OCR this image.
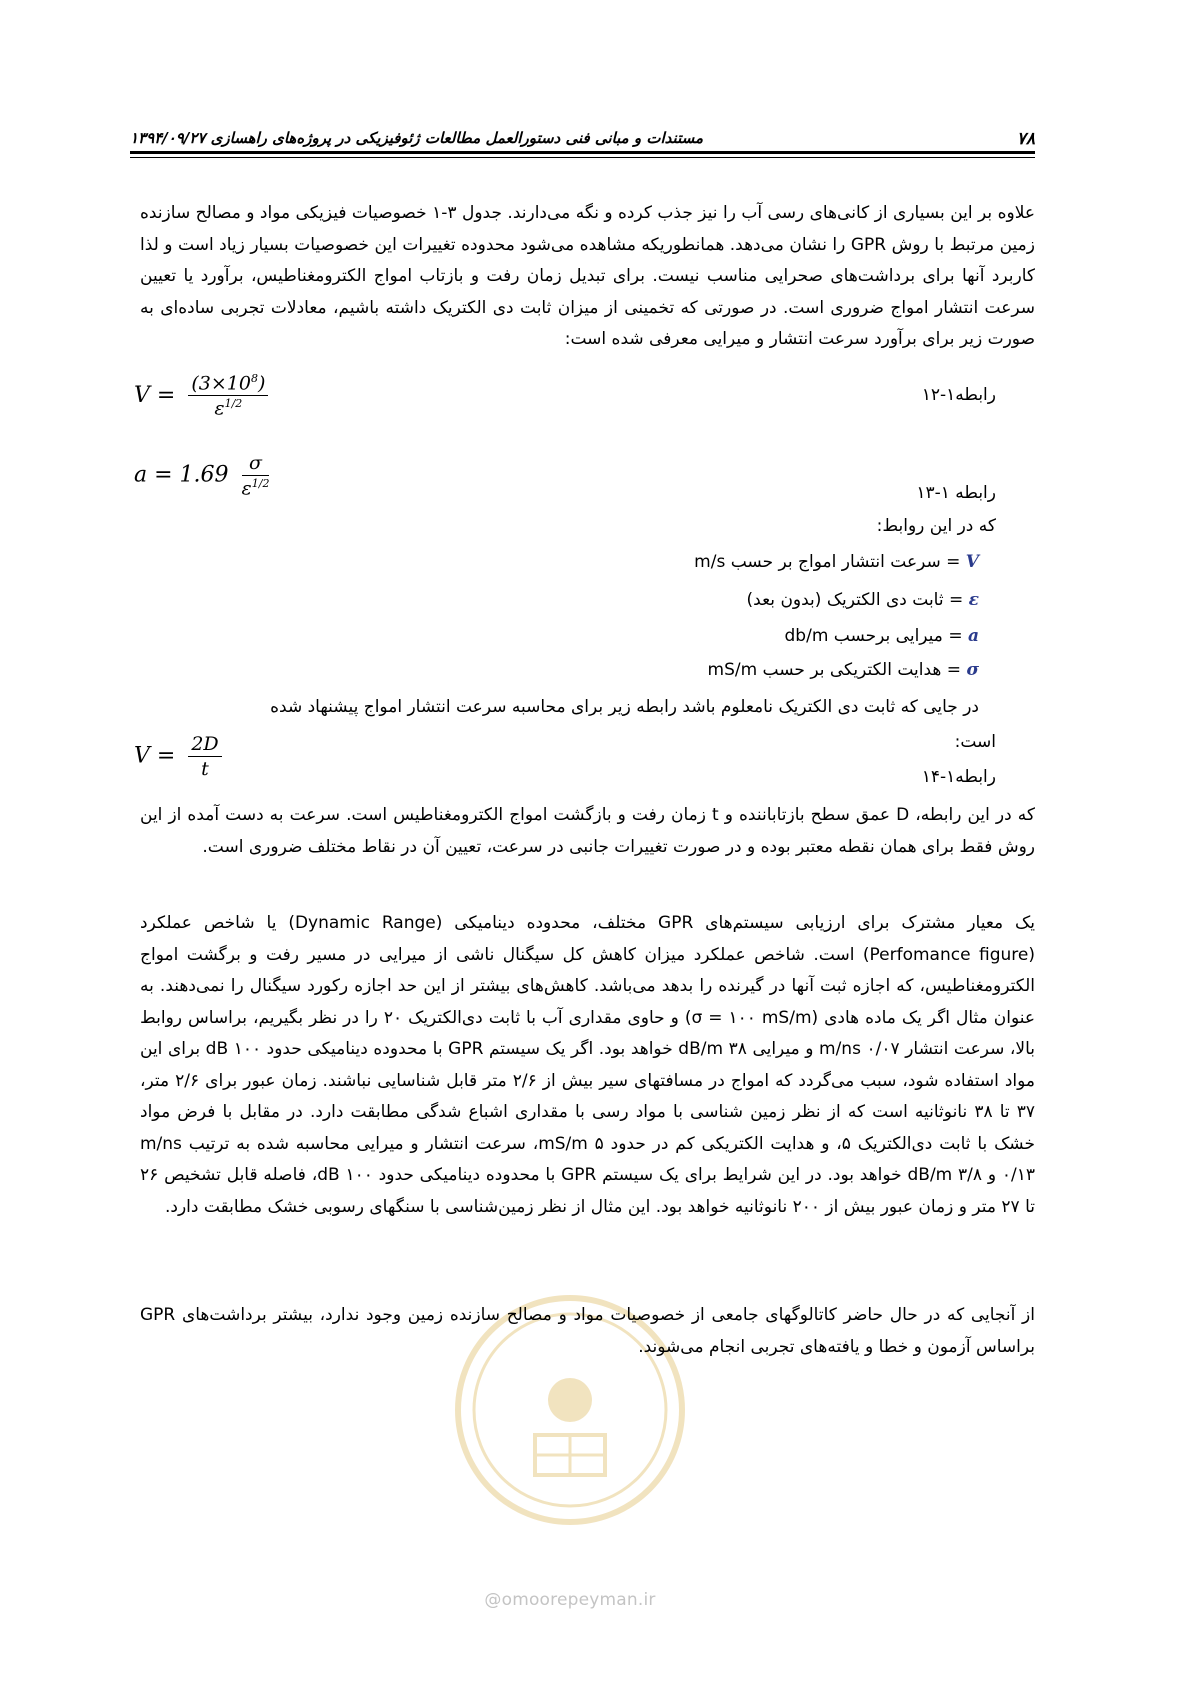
۷۸
مستندات و مبانی فنی دستورالعمل مطالعات ژئوفیزیکی در پروژه‌های راهسازی ۱۳۹۴/۰۹/۲۷
علاوه بر این بسیاری از کانی‌های رسی آب را نیز جذب کرده و نگه می‌دارند. جدول ۳-۱ خصوصیات فیزیکی مواد و مصالح سازنده زمین مرتبط با روش GPR را نشان می‌دهد. همانطوریکه مشاهده می‌شود محدوده تغییرات این خصوصیات بسیار زیاد است و لذا کاربرد آنها برای برداشت‌های صحرایی مناسب نیست. برای تبدیل زمان رفت و بازتاب امواج الکترومغناطیس، برآورد یا تعیین سرعت انتشار امواج ضروری است. در صورتی که تخمینی از میزان ثابت دی الکتریک داشته باشیم، معادلات تجربی ساده‌ای به صورت زیر برای برآورد سرعت انتشار و میرایی معرفی شده است:
رابطه۱-۱۲
$V = \frac{(3\times 10^8)}{\varepsilon^{1/2}}$
$a = 1.69 \frac{\sigma}{\varepsilon^{1/2}}$	رابطه ۱-۱۳
که در این روابط:
V = سرعت انتشار امواج بر حسب m/s
ε = ثابت دی الکتریک (بدون بعد)
a = میرایی برحسب db/m
σ = هدایت الکتریکی بر حسب mS/m
در جایی که ثابت دی الکتریک نامعلوم باشد رابطه زیر برای محاسبه سرعت انتشار امواج پیشنهاد شده
است:
$V = \frac{2D}{t}$	رابطه۱-۱۴
که در این رابطه، D عمق سطح بازتاباننده و t زمان رفت و بازگشت امواج الکترومغناطیس است. سرعت به دست آمده از این روش فقط برای همان نقطه معتبر بوده و در صورت تغییرات جانبی در سرعت، تعیین آن در نقاط مختلف ضروری است.
یک معیار مشترک برای ارزیابی سیستم‌های GPR مختلف، محدوده دینامیکی (Dynamic Range) یا شاخص عملکرد (Perfomance figure) است. شاخص عملکرد میزان کاهش کل سیگنال ناشی از میرایی در مسیر رفت و برگشت امواج الکترومغناطیس، که اجازه ثبت آنها در گیرنده را بدهد می‌باشد. کاهش‌های بیشتر از این حد اجازه رکورد سیگنال را نمی‌دهند. به عنوان مثال اگر یک ماده هادی (σ = ۱۰۰ mS/m) و حاوی مقداری آب با ثابت دی‌الکتریک ۲۰ را در نظر بگیریم، براساس روابط بالا، سرعت انتشار m/ns ۰/۰۷ و میرایی dB/m ۳۸ خواهد بود. اگر یک سیستم GPR با محدوده دینامیکی حدود dB ۱۰۰ برای این مواد استفاده شود، سبب می‌گردد که امواج در مسافتهای سیر بیش از ۲/۶ متر قابل شناسایی نباشند. زمان عبور برای ۲/۶ متر، ۳۷ تا ۳۸ نانوثانیه است که از نظر زمین شناسی با مواد رسی با مقداری اشباع شدگی مطابقت دارد. در مقابل با فرض مواد خشک با ثابت دی‌الکتریک ۵، و هدایت الکتریکی کم در حدود mS/m ۵، سرعت انتشار و میرایی محاسبه شده به ترتیب m/ns ۰/۱۳ و dB/m ۳/۸ خواهد بود. در این شرایط برای یک سیستم GPR با محدوده دینامیکی حدود dB ۱۰۰، فاصله قابل تشخیص ۲۶ تا ۲۷ متر و زمان عبور بیش از ۲۰۰ نانوثانیه خواهد بود. این مثال از نظر زمین‌شناسی با سنگهای رسوبی خشک مطابقت دارد.
از آنجایی که در حال حاضر کاتالوگهای جامعی از خصوصیات مواد و مصالح سازنده زمین وجود ندارد، بیشتر برداشت‌های GPR براساس آزمون و خطا و یافته‌های تجربی انجام می‌شوند.
@omoorepeyman.ir
